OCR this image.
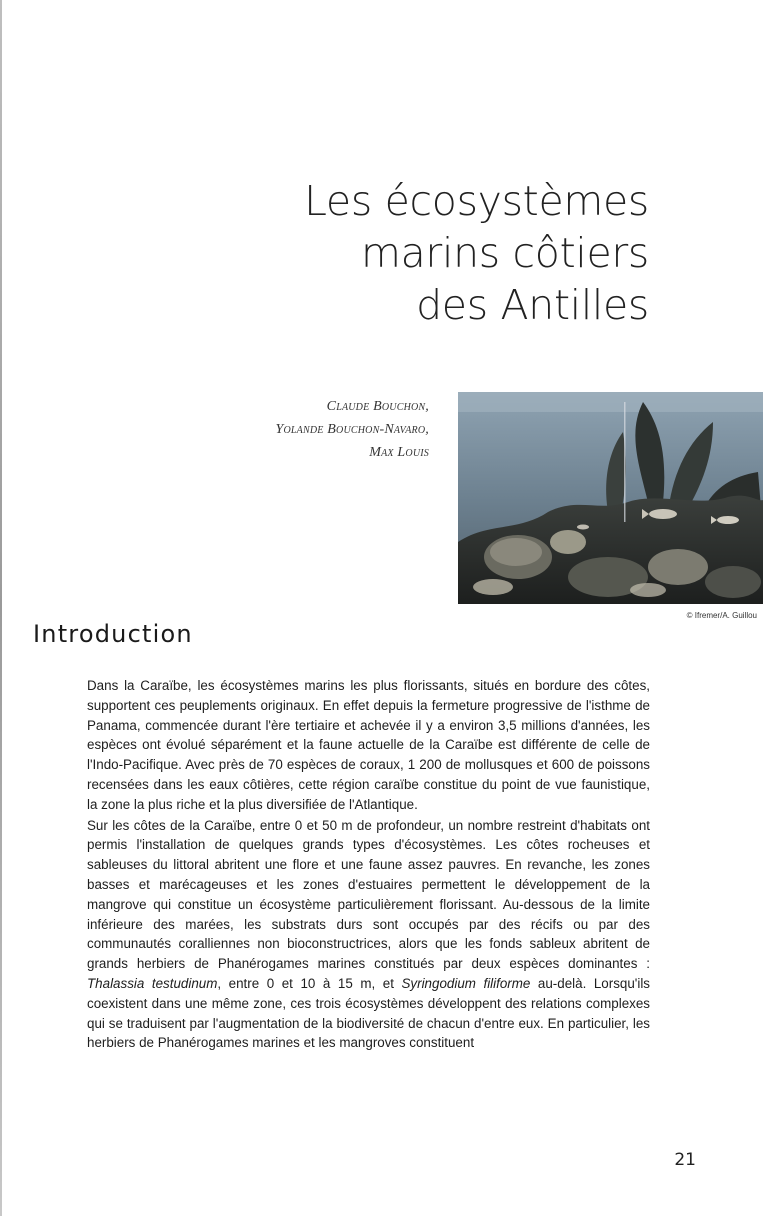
Les écosystèmes
marins côtiers
des Antilles
Claude Bouchon,
Yolande Bouchon-Navaro,
Max Louis
© Ifremer/A. Guillou
Introduction

Dans la Caraïbe, les écosystèmes marins les plus florissants, situés en bordure des côtes, supportent ces peuplements originaux. En effet depuis la fermeture progressive de l'isthme de Panama, commencée durant l'ère tertiaire et achevée il y a environ 3,5 millions d'années, les espèces ont évolué séparément et la faune actuelle de la Caraïbe est différente de celle de l'Indo-Pacifique. Avec près de 70 espèces de coraux, 1 200 de mollusques et 600 de poissons recensées dans les eaux côtières, cette région caraïbe constitue du point de vue faunistique, la zone la plus riche et la plus diversifiée de l'Atlantique.

Sur les côtes de la Caraïbe, entre 0 et 50 m de profondeur, un nombre restreint d'habitats ont permis l'installation de quelques grands types d'écosystèmes. Les côtes rocheuses et sableuses du littoral abritent une flore et une faune assez pauvres. En revanche, les zones basses et marécageuses et les zones d'estuaires permettent le développement de la mangrove qui constitue un écosystème particulièrement florissant. Au-dessous de la limite inférieure des marées, les substrats durs sont occupés par des récifs ou par des communautés coralliennes non bioconstructrices, alors que les fonds sableux abritent de grands herbiers de Phanérogames marines constitués par deux espèces dominantes : Thalassia testudinum, entre 0 et 10 à 15 m, et Syringodium filiforme au-delà. Lorsqu'ils coexistent dans une même zone, ces trois écosystèmes développent des relations complexes qui se traduisent par l'augmentation de la biodiversité de chacun d'entre eux. En particulier, les herbiers de Phanérogames marines et les mangroves constituent

21
